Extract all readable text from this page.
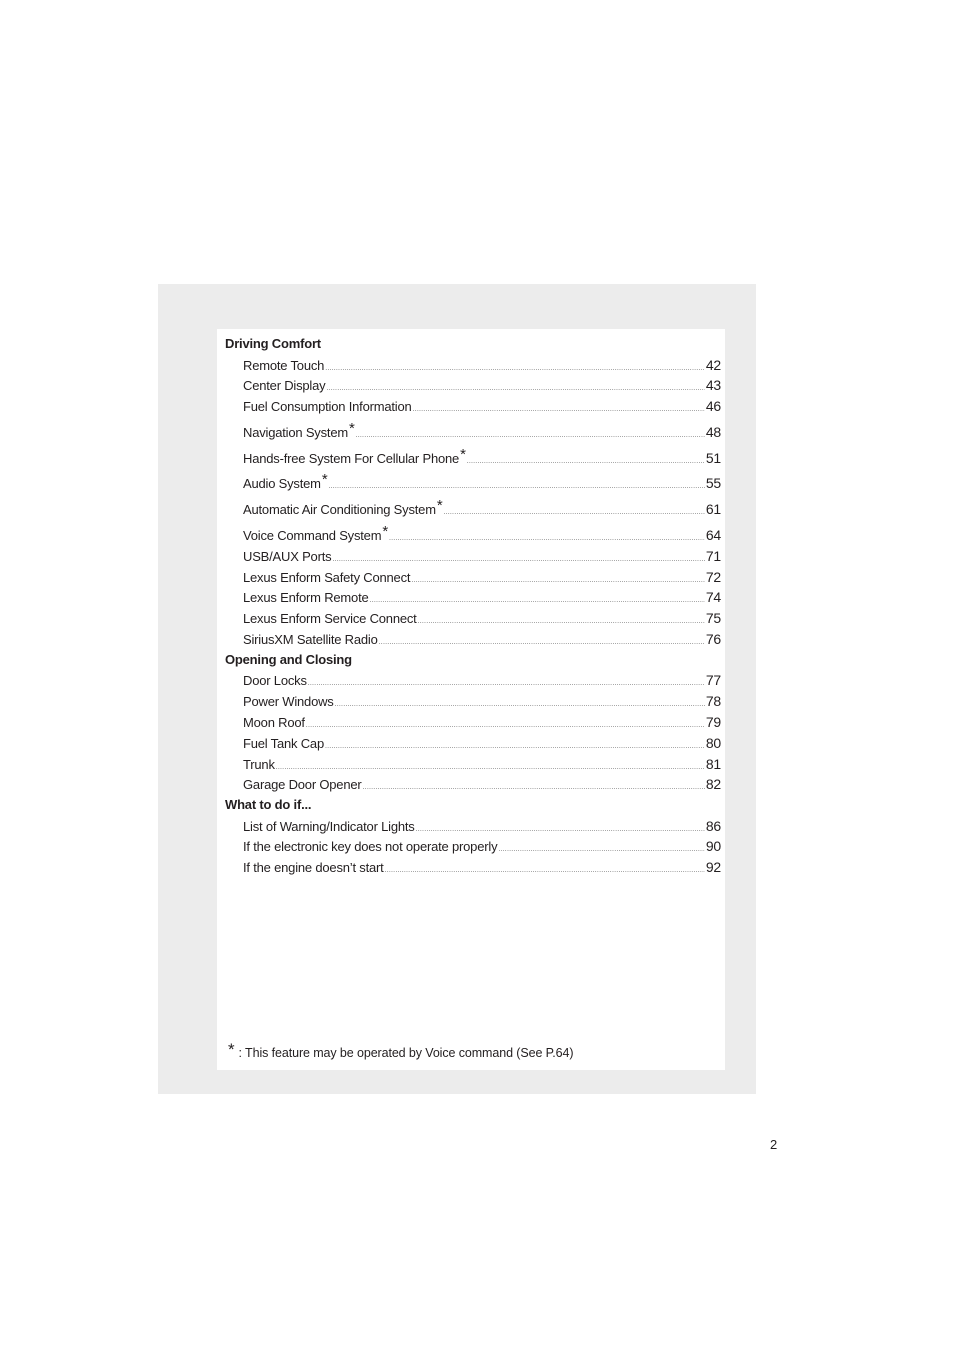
Driving Comfort
Remote Touch .....	42
Center Display .....	43
Fuel Consumption Information .....	46
Navigation System* .....	48
Hands-free System For Cellular Phone* .....	51
Audio System* .....	55
Automatic Air Conditioning System* .....	61
Voice Command System* .....	64
USB/AUX Ports .....	71
Lexus Enform Safety Connect .....	72
Lexus Enform Remote .....	74
Lexus Enform Service Connect .....	75
SiriusXM Satellite Radio .....	76
Opening and Closing
Door Locks .....	77
Power Windows .....	78
Moon Roof .....	79
Fuel Tank Cap .....	80
Trunk .....	81
Garage Door Opener .....	82
What to do if...
List of Warning/Indicator Lights .....	86
If the electronic key does not operate properly .....	90
If the engine doesn’t start .....	92
* : This feature may be operated by Voice command (See P.64)
2
